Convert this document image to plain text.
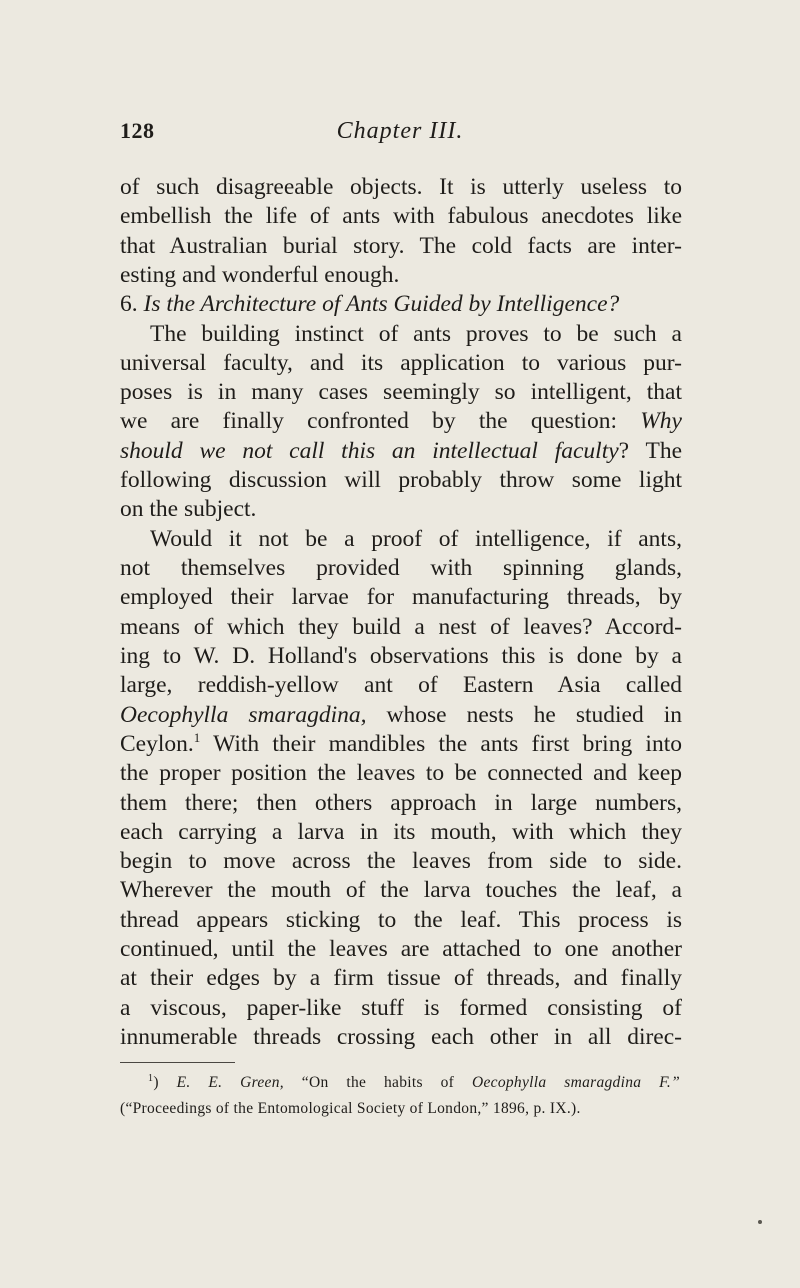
128	Chapter III.
of such disagreeable objects. It is utterly useless to
embellish the life of ants with fabulous anecdotes like
that Australian burial story. The cold facts are inter-
esting and wonderful enough.
6. Is the Architecture of Ants Guided by Intelligence?
The building instinct of ants proves to be such a
universal faculty, and its application to various pur-
poses is in many cases seemingly so intelligent, that
we are finally confronted by the question: Why
should we not call this an intellectual faculty? The
following discussion will probably throw some light
on the subject.
Would it not be a proof of intelligence, if ants,
not themselves provided with spinning glands,
employed their larvae for manufacturing threads, by
means of which they build a nest of leaves? Accord-
ing to W. D. Holland's observations this is done by a
large, reddish-yellow ant of Eastern Asia called
Oecophylla smaragdina, whose nests he studied in
Ceylon.$^1$ With their mandibles the ants first bring into
the proper position the leaves to be connected and keep
them there; then others approach in large numbers,
each carrying a larva in its mouth, with which they
begin to move across the leaves from side to side.
Wherever the mouth of the larva touches the leaf, a
thread appears sticking to the leaf. This process is
continued, until the leaves are attached to one another
at their edges by a firm tissue of threads, and finally
a viscous, paper-like stuff is formed consisting of
innumerable threads crossing each other in all direc-
$^1$) E. E. Green, “On the habits of Oecophylla smaragdina F.”
(“Proceedings of the Entomological Society of London,” 1896, p. IX.).
